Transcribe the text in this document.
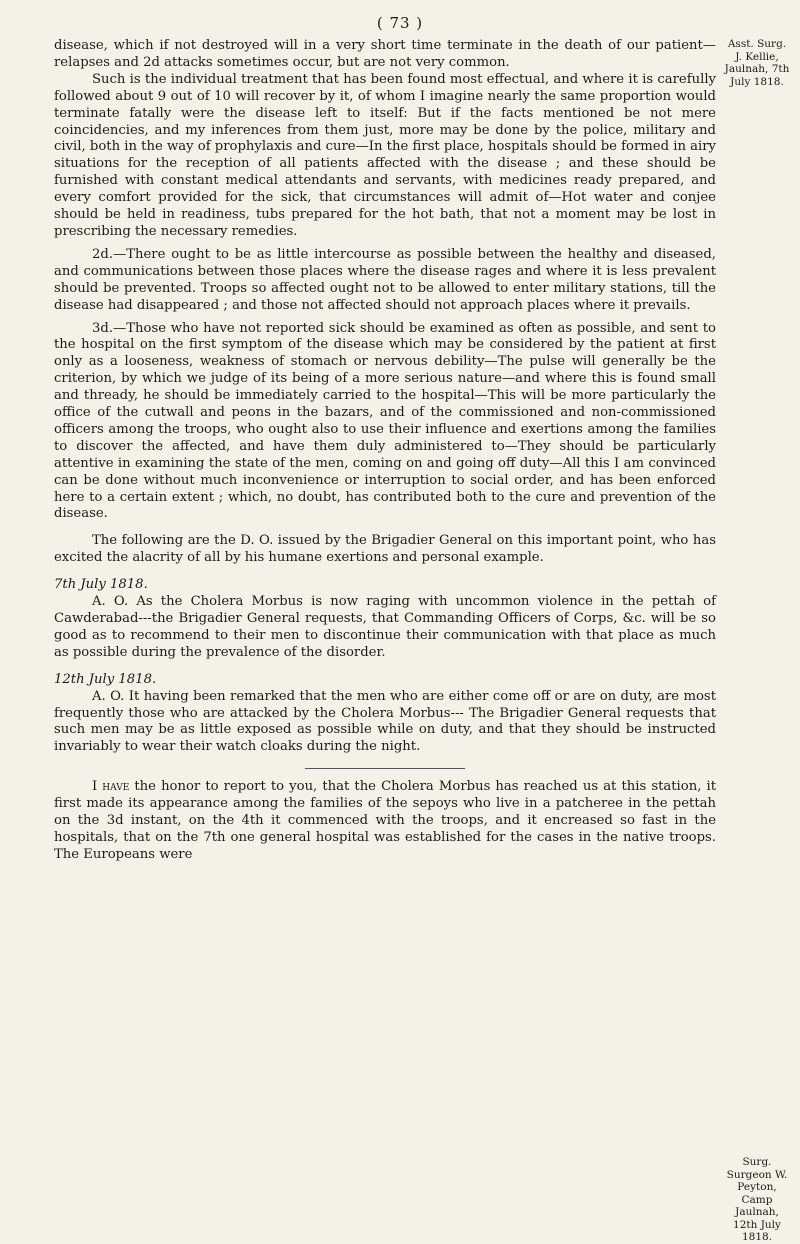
( 73 )
Asst. Surg. J. Kellie, Jaulnah, 7th July 1818.
Surg. Surgeon W. Peyton, Camp Jaulnah, 12th July 1818.

disease, which if not destroyed will in a very short time terminate in the death of our patient—relapses and 2d attacks sometimes occur, but are not very common.

Such is the individual treatment that has been found most effectual, and where it is carefully followed about 9 out of 10 will recover by it, of whom I imagine nearly the same proportion would terminate fatally were the disease left to itself: But if the facts mentioned be not mere coincidencies, and my inferences from them just, more may be done by the police, military and civil, both in the way of prophylaxis and cure—In the first place, hospitals should be formed in airy situations for the reception of all patients affected with the disease ; and these should be furnished with constant medical attendants and servants, with medicines ready prepared, and every comfort provided for the sick, that circumstances will admit of—Hot water and conjee should be held in readiness, tubs prepared for the hot bath, that not a moment may be lost in prescribing the necessary remedies.

2d.—There ought to be as little intercourse as possible between the healthy and diseased, and communications between those places where the disease rages and where it is less prevalent should be prevented. Troops so affected ought not to be allowed to enter military stations, till the disease had disappeared ; and those not affected should not approach places where it prevails.

3d.—Those who have not reported sick should be examined as often as possible, and sent to the hospital on the first symptom of the disease which may be considered by the patient at first only as a looseness, weakness of stomach or nervous debility—The pulse will generally be the criterion, by which we judge of its being of a more serious nature—and where this is found small and thready, he should be immediately carried to the hospital—This will be more particularly the office of the cutwall and peons in the bazars, and of the commissioned and non-commissioned officers among the troops, who ought also to use their influence and exertions among the families to discover the affected, and have them duly administered to—They should be particularly attentive in examining the state of the men, coming on and going off duty—All this I am convinced can be done without much inconvenience or interruption to social order, and has been enforced here to a certain extent ; which, no doubt, has contributed both to the cure and prevention of the disease.

The following are the D. O. issued by the Brigadier General on this important point, who has excited the alacrity of all by his humane exertions and personal example.

7th July 1818.

A. O. As the Cholera Morbus is now raging with uncommon violence in the pettah of Cawderabad---the Brigadier General requests, that Commanding Officers of Corps, &c. will be so good as to recommend to their men to discontinue their communication with that place as much as possible during the prevalence of the disorder.

12th July 1818.

A. O. It having been remarked that the men who are either come off or are on duty, are most frequently those who are attacked by the Cholera Morbus--- The Brigadier General requests that such men may be as little exposed as possible while on duty, and that they should be instructed invariably to wear their watch cloaks during the night.

I have the honor to report to you, that the Cholera Morbus has reached us at this station, it first made its appearance among the families of the sepoys who live in a patcheree in the pettah on the 3d instant, on the 4th it commenced with the troops, and it encreased so fast in the hospitals, that on the 7th one general hospital was established for the cases in the native troops. The Europeans were
